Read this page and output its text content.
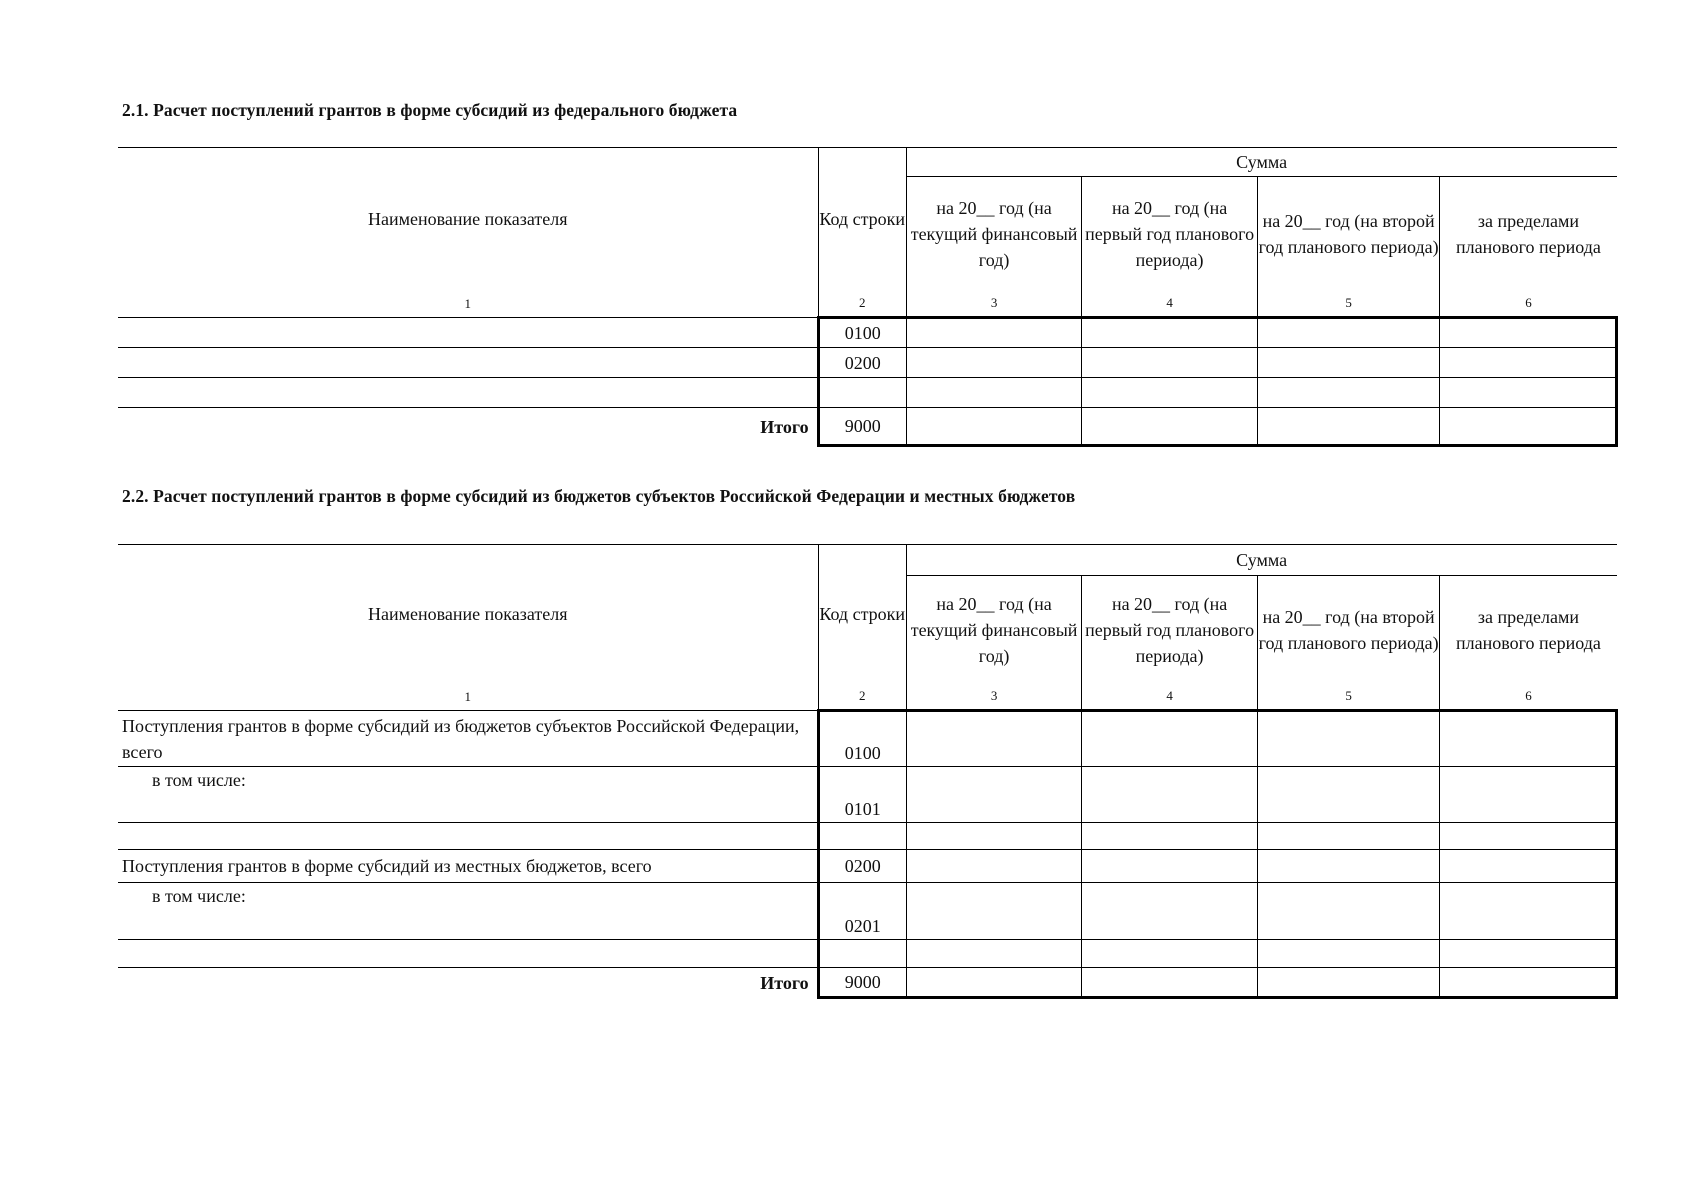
2.1. Расчет поступлений грантов в форме субсидий из федерального бюджета
Наименование показателя	Код строки	Сумма			
		на 20__ год (на текущий финансовый год)	на 20__ год (на первый год планового периода)	на 20__ год (на второй год планового периода)	за пределами планового периода
1	2	3	4	5	6
	0100				
	0200				

Итого	9000				
2.2. Расчет поступлений грантов в форме субсидий из бюджетов субъектов Российской Федерации и местных бюджетов
Наименование показателя	Код строки	Сумма			
		на 20__ год (на текущий финансовый год)	на 20__ год (на первый год планового периода)	на 20__ год (на второй год планового периода)	за пределами планового периода
1	2	3	4	5	6
Поступления грантов в форме субсидий из бюджетов субъектов Российской Федерации, всего	0100				
в том числе:	0101				

Поступления грантов в форме субсидий из местных бюджетов, всего	0200				
в том числе:	0201				

Итого	9000				
